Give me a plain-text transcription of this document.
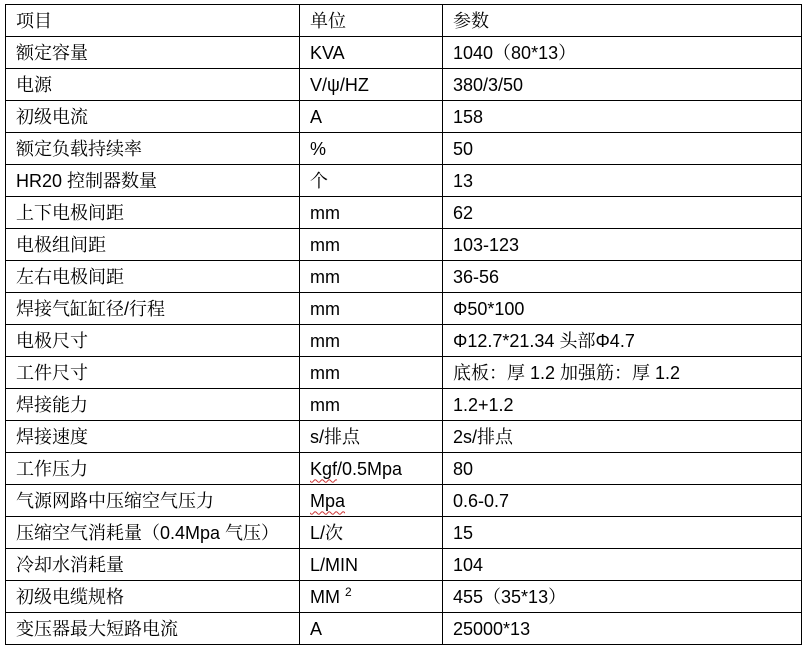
项目	单位	参数
额定容量	KVA	1040（80*13）
电源	V/ψ/HZ	380/3/50
初级电流	A	158
额定负载持续率	%	50
HR20 控制器数量	个	13
上下电极间距	mm	62
电极组间距	mm	103-123
左右电极间距	mm	36-56
焊接气缸缸径/行程	mm	Φ50*100
电极尺寸	mm	Φ12.7*21.34 头部Φ4.7
工件尺寸	mm	底板：厚 1.2 加强筋：厚 1.2
焊接能力	mm	1.2+1.2
焊接速度	s/排点	2s/排点
工作压力	Kgf/0.5Mpa	80
气源网路中压缩空气压力	Mpa	0.6-0.7
压缩空气消耗量（0.4Mpa 气压）	L/次	15
冷却水消耗量	L/MIN	104
初级电缆规格	MM $^2$	455（35*13）
变压器最大短路电流	A	25000*13
